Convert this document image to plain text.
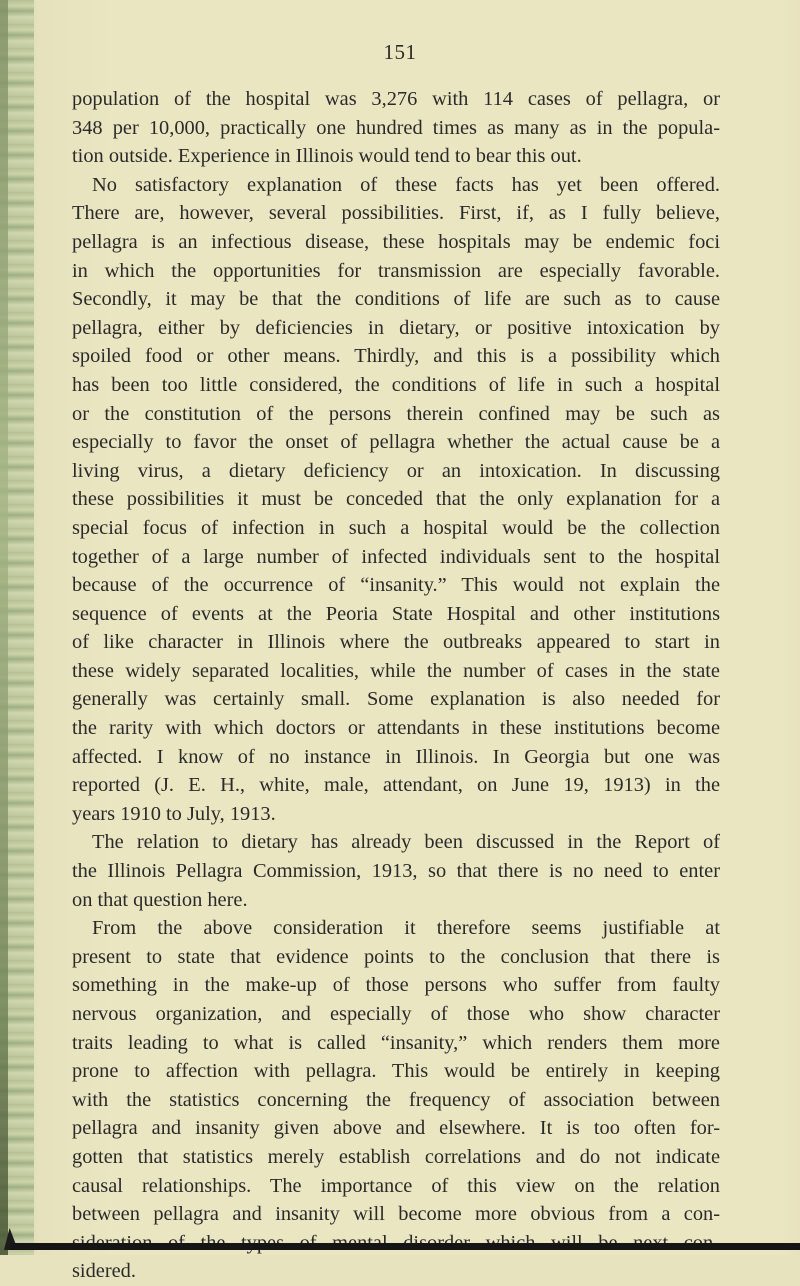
151

population of the hospital was 3,276 with 114 cases of pellagra, or
348 per 10,000, practically one hundred times as many as in the popula-
tion outside. Experience in Illinois would tend to bear this out.

No satisfactory explanation of these facts has yet been offered.
There are, however, several possibilities. First, if, as I fully believe,
pellagra is an infectious disease, these hospitals may be endemic foci
in which the opportunities for transmission are especially favorable.
Secondly, it may be that the conditions of life are such as to cause
pellagra, either by deficiencies in dietary, or positive intoxication by
spoiled food or other means. Thirdly, and this is a possibility which
has been too little considered, the conditions of life in such a hospital
or the constitution of the persons therein confined may be such as
especially to favor the onset of pellagra whether the actual cause be a
living virus, a dietary deficiency or an intoxication. In discussing
these possibilities it must be conceded that the only explanation for a
special focus of infection in such a hospital would be the collection
together of a large number of infected individuals sent to the hospital
because of the occurrence of “insanity.” This would not explain the
sequence of events at the Peoria State Hospital and other institutions
of like character in Illinois where the outbreaks appeared to start in
these widely separated localities, while the number of cases in the state
generally was certainly small. Some explanation is also needed for
the rarity with which doctors or attendants in these institutions become
affected. I know of no instance in Illinois. In Georgia but one was
reported (J. E. H., white, male, attendant, on June 19, 1913) in the
years 1910 to July, 1913.

The relation to dietary has already been discussed in the Report of
the Illinois Pellagra Commission, 1913, so that there is no need to enter
on that question here.

From the above consideration it therefore seems justifiable at
present to state that evidence points to the conclusion that there is
something in the make-up of those persons who suffer from faulty
nervous organization, and especially of those who show character
traits leading to what is called “insanity,” which renders them more
prone to affection with pellagra. This would be entirely in keeping
with the statistics concerning the frequency of association between
pellagra and insanity given above and elsewhere. It is too often for-
gotten that statistics merely establish correlations and do not indicate
causal relationships. The importance of this view on the relation
between pellagra and insanity will become more obvious from a con-
sidered.
